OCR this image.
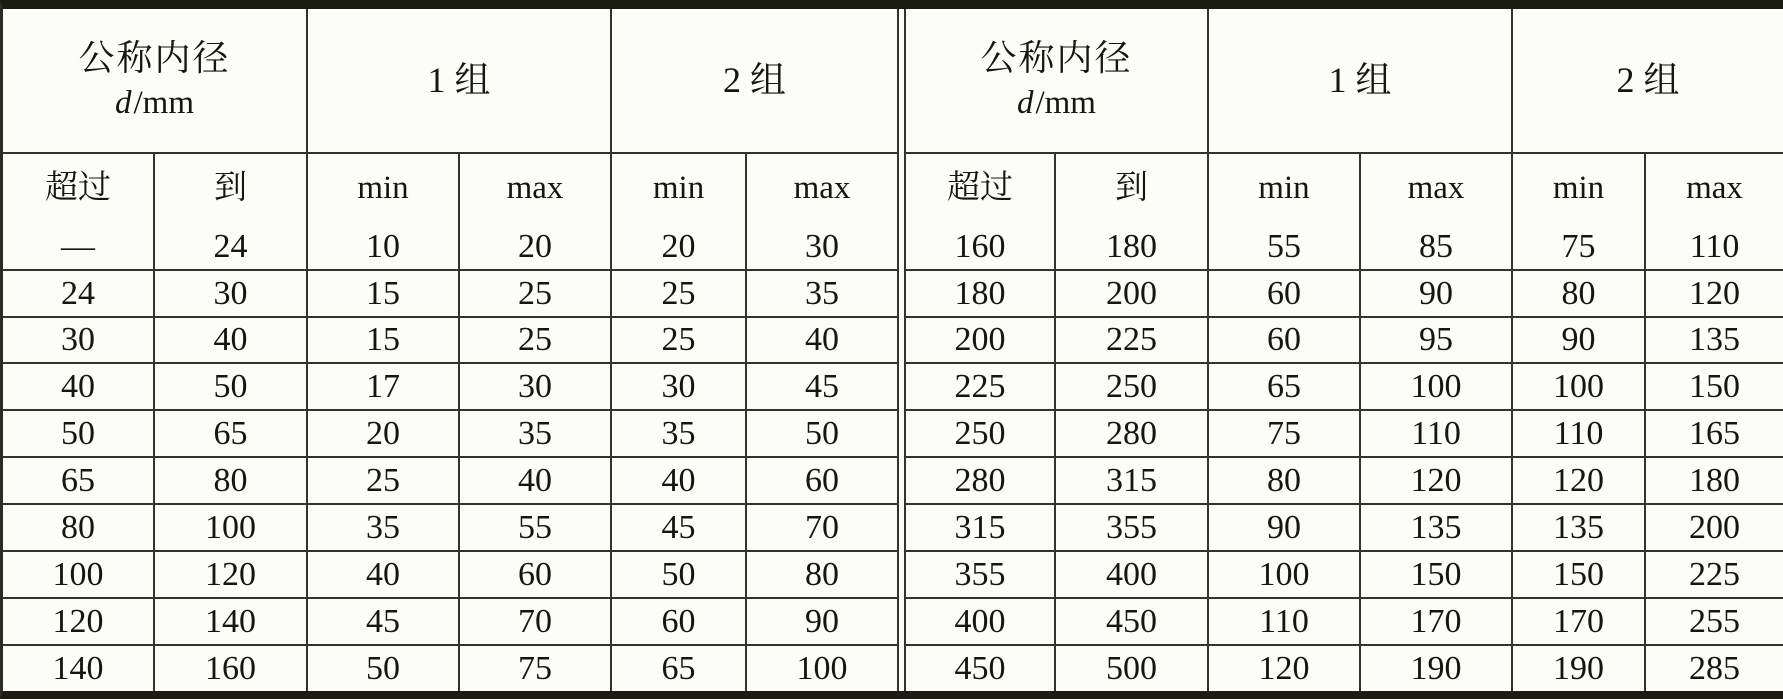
公称内径
d/mm		1 组		2 组	
超过	到	min	max	min	max
—	24	10	20	20	30
24	30	15	25	25	35
30	40	15	25	25	40
40	50	17	30	30	45
50	65	20	35	35	50
65	80	25	40	40	60
80	100	35	55	45	70
100	120	40	60	50	80
120	140	45	70	60	90
140	160	50	75	65	100
公称内径
d/mm		1 组		2 组	
超过	到	min	max	min	max
160	180	55	85	75	110
180	200	60	90	80	120
200	225	60	95	90	135
225	250	65	100	100	150
250	280	75	110	110	165
280	315	80	120	120	180
315	355	90	135	135	200
355	400	100	150	150	225
400	450	110	170	170	255
450	500	120	190	190	285
